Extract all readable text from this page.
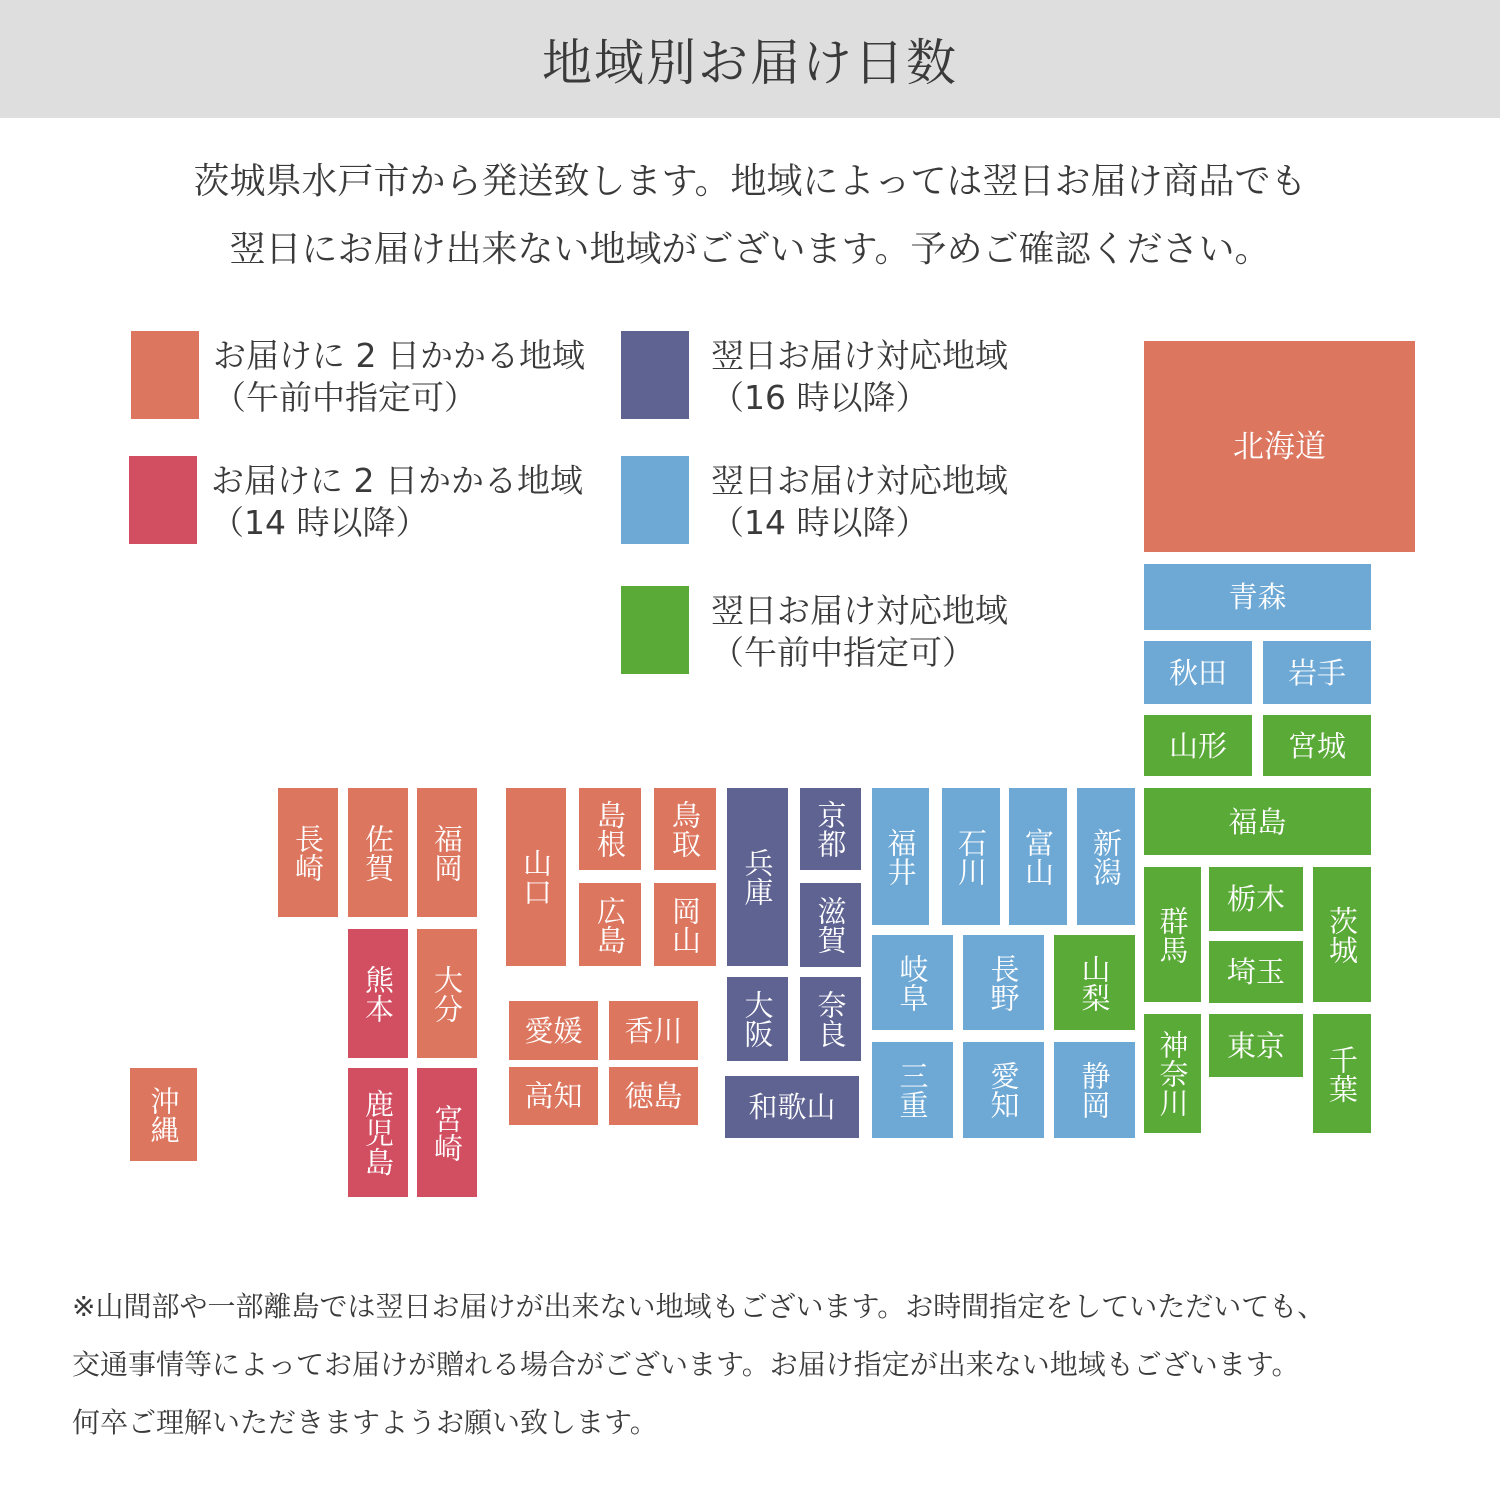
地域別お届け日数
茨城県水戸市から発送致します。地域によっては翌日お届け商品でも
翌日にお届け出来ない地域がございます。予めご確認ください。
お届けに 2 日かかる地域
（午前中指定可）
お届けに 2 日かかる地域
（14 時以降）
翌日お届け対応地域
（16 時以降）
翌日お届け対応地域
（14 時以降）
翌日お届け対応地域
（午前中指定可）
北海道
青森
秋田 岩手
山形 宮城
福島
群馬
栃木
茨城
埼玉
神奈川 東京 千葉
新潟
富山
石川
福井
山梨
長野
岐阜
静岡
愛知
三重
京都
滋賀
奈良
兵庫
大阪
和歌山
鳥取
島根
岡山
広島
山口
香川
愛媛
徳島
高知
福岡
佐賀
長崎
大分
熊本
宮崎
鹿児島
沖縄
※山間部や一部離島では翌日お届けが出来ない地域もございます。お時間指定をしていただいても、
交通事情等によってお届けが贈れる場合がございます。お届け指定が出来ない地域もございます。
何卒ご理解いただきますようお願い致します。
